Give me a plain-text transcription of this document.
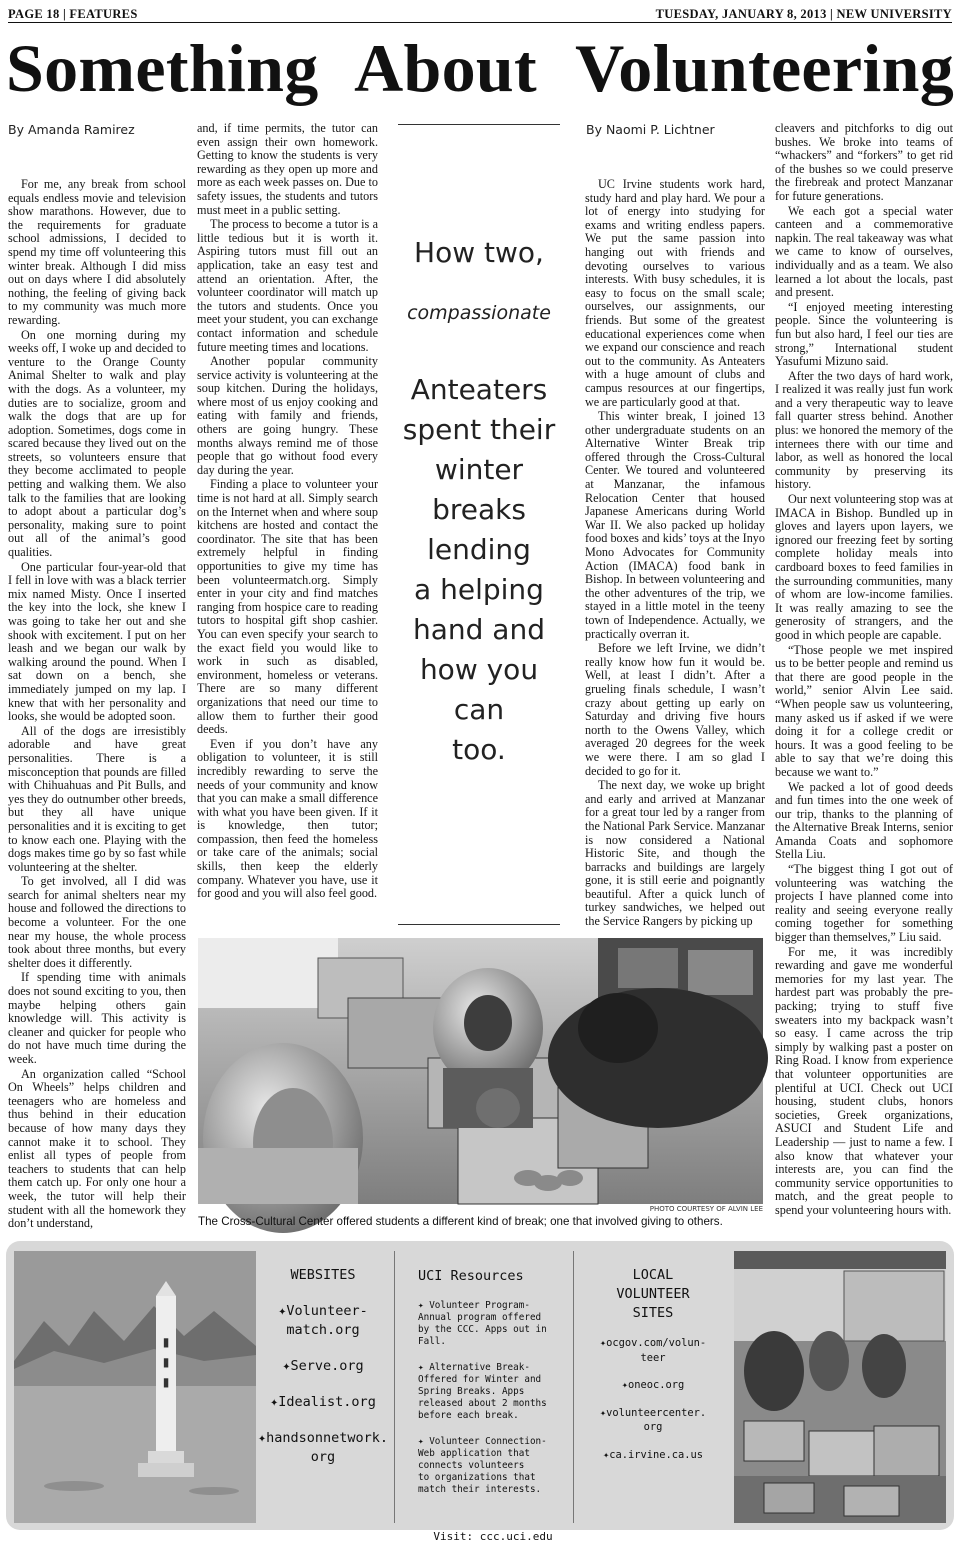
PAGE 18 | FEATURES	TUESDAY, JANUARY 8, 2013 | NEW UNIVERSITY
Something About Volunteering
By Amanda Ramirez

For me, any break from school equals endless movie and television show marathons. However, due to the requirements for graduate school admissions, I decided to spend my time off volunteering this winter break. Although I did miss out on days where I did absolutely nothing, the feeling of giving back to my community was much more rewarding.

On one morning during my weeks off, I woke up and decided to venture to the Orange County Animal Shelter to walk and play with the dogs. As a volunteer, my duties are to socialize, groom and walk the dogs that are up for adoption. Sometimes, dogs come in scared because they lived out on the streets, so volunteers ensure that they become acclimated to people petting and walking them. We also talk to the families that are looking to adopt about a particular dog’s personality, making sure to point out all of the animal’s good qualities.

One particular four-year-old that I fell in love with was a black terrier mix named Misty. Once I inserted the key into the lock, she knew I was going to take her out and she shook with excitement. I put on her leash and we began our walk by walking around the pound. When I sat down on a bench, she immediately jumped on my lap. I knew that with her personality and looks, she would be adopted soon.

All of the dogs are irresistibly adorable and have great personalities. There is a misconception that pounds are filled with Chihuahuas and Pit Bulls, and yes they do outnumber other breeds, but they all have unique personalities and it is exciting to get to know each one. Playing with the dogs makes time go by so fast while volunteering at the shelter.

To get involved, all I did was search for animal shelters near my house and followed the directions to become a volunteer. For the one near my house, the whole process took about three months, but every shelter does it differently.

If spending time with animals does not sound exciting to you, then maybe helping others gain knowledge will. This activity is cleaner and quicker for people who do not have much time during the week.

An organization called “School On Wheels” helps children and teenagers who are homeless and thus behind in their education because of how many days they cannot make it to school. They enlist all types of people from teachers to students that can help them catch up. For only one hour a week, the tutor will help their student with all the homework they don’t understand,

and, if time permits, the tutor can even assign their own homework. Getting to know the students is very rewarding as they open up more and more as each week passes on. Due to safety issues, the students and tutors must meet in a public setting.

The process to become a tutor is a little tedious but it is worth it. Aspiring tutors must fill out an application, take an easy test and attend an orientation. After, the volunteer coordinator will match up the tutors and students. Once you meet your student, you can exchange contact information and schedule future meeting times and locations.

Another popular community service activity is volunteering at the soup kitchen. During the holidays, where most of us enjoy cooking and eating with family and friends, others are going hungry. These months always remind me of those people that go without food every day during the year.

Finding a place to volunteer your time is not hard at all. Simply search on the Internet when and where soup kitchens are hosted and contact the coordinator. The site that has been extremely helpful in finding opportunities to give my time has been volunteermatch.org. Simply enter in your city and find matches ranging from hospice care to reading tutors to hospital gift shop cashier. You can even specify your search to the exact field you would like to work in such as disabled, environment, homeless or veterans. There are so many different organizations that need our time to allow them to further their good deeds.

Even if you don’t have any obligation to volunteer, it is still incredibly rewarding to serve the needs of your community and know that you can make a small difference with what you have been given. If it is knowledge, then tutor; compassion, then feed the homeless or take care of the animals; social skills, then keep the elderly company. Whatever you have, use it for good and you will also feel good.

How two,
compassionate
Anteaters
spent their
winter
breaks
lending
a helping
hand and
how you
can
too.
By Naomi P. Lichtner

UC Irvine students work hard, study hard and play hard. We pour a lot of energy into studying for exams and writing endless papers. We put the same passion into hanging out with friends and devoting ourselves to various interests. With busy schedules, it is easy to focus on the small scale; ourselves, our assignments, our friends. But some of the greatest educational experiences come when we expand our conscience and reach out to the community. As Anteaters with a huge amount of clubs and campus resources at our fingertips, we are particularly good at that.

This winter break, I joined 13 other undergraduate students on an Alternative Winter Break trip offered through the Cross-Cultural Center. We toured and volunteered at Manzanar, the infamous Relocation Center that housed Japanese Americans during World War II. We also packed up holiday food boxes and kids’ toys at the Inyo Mono Advocates for Community Action (IMACA) food bank in Bishop. In between volunteering and the other adventures of the trip, we stayed in a little motel in the teeny town of Independence. Actually, we practically overran it.

Before we left Irvine, we didn’t really know how fun it would be. Well, at least I didn’t. After a grueling finals schedule, I wasn’t crazy about getting up early on Saturday and driving five hours north to the Owens Valley, which averaged 20 degrees for the week we were there. I am so glad I decided to go for it.

The next day, we woke up bright and early and arrived at Manzanar for a great tour led by a ranger from the National Park Service. Manzanar is now considered a National Historic Site, and though the barracks and buildings are largely gone, it is still eerie and poignantly beautiful. After a quick lunch of turkey sandwiches, we helped out the Service Rangers by picking up

cleavers and pitchforks to dig out bushes. We broke into teams of “whackers” and “forkers” to get rid of the bushes so we could preserve the firebreak and protect Manzanar for future generations.

We each got a special water canteen and a commemorative napkin. The real takeaway was what we came to know of ourselves, individually and as a team. We also learned a lot about the locals, past and present.

“I enjoyed meeting interesting people. Since the volunteering is fun but also hard, I feel our ties are strong,” International student Yasufumi Mizuno said.

After the two days of hard work, I realized it was really just fun work and a very therapeutic way to leave fall quarter stress behind. Another plus: we honored the memory of the internees there with our time and labor, as well as honored the local community by preserving its history.

Our next volunteering stop was at IMACA in Bishop. Bundled up in gloves and layers upon layers, we ignored our freezing feet by sorting complete holiday meals into cardboard boxes to feed families in the surrounding communities, many of whom are low-income families. It was really amazing to see the generosity of strangers, and the good in which people are capable.

“Those people we met inspired us to be better people and remind us that there are good people in the world,” senior Alvin Lee said. “When people saw us volunteering, many asked us if asked if we were doing it for a college credit or hours. It was a good feeling to be able to say that we’re doing this because we want to.”

We packed a lot of good deeds and fun times into the one week of our trip, thanks to the planning of the Alternative Break Interns, senior Amanda Coats and sophomore Stella Liu.

“The biggest thing I got out of volunteering was watching the projects I have planned come into reality and seeing everyone really coming together for something bigger than themselves,” Liu said.

For me, it was incredibly rewarding and gave me wonderful memories for my last year. The hardest part was probably the pre-packing; trying to stuff five sweaters into my backpack wasn’t so easy. I came across the trip simply by walking past a poster on Ring Road. I know from experience that volunteer opportunities are plentiful at UCI. Check out UCI housing, student clubs, honors societies, Greek organizations, ASUCI and Student Life and Leadership — just to name a few. I also know that whatever your interests are, you can find the community service opportunities to match, and the great people to spend your volunteering hours with.

PHOTO COURTESY OF ALVIN LEE
The Cross-Cultural Center offered students a different kind of break; one that involved giving to others.
▮
▮
▮
WEBSITES
✦Volunteer-
match.org
✦Serve.org
✦Idealist.org
✦handsonnetwork.
org
UCI Resources
✦ Volunteer Program-
Annual program offered
by the CCC. Apps out in
Fall.
✦ Alternative Break-
Offered for Winter and
Spring Breaks. Apps
released about 2 months
before each break.
✦ Volunteer Connection-
Web application that
connects volunteers
to organizations that
match their interests.
Visit: ccc.uci.edu
LOCAL
VOLUNTEER
SITES
✦ocgov.com/volun-
teer
✦oneoc.org
✦volunteercenter.
org
✦ca.irvine.ca.us
